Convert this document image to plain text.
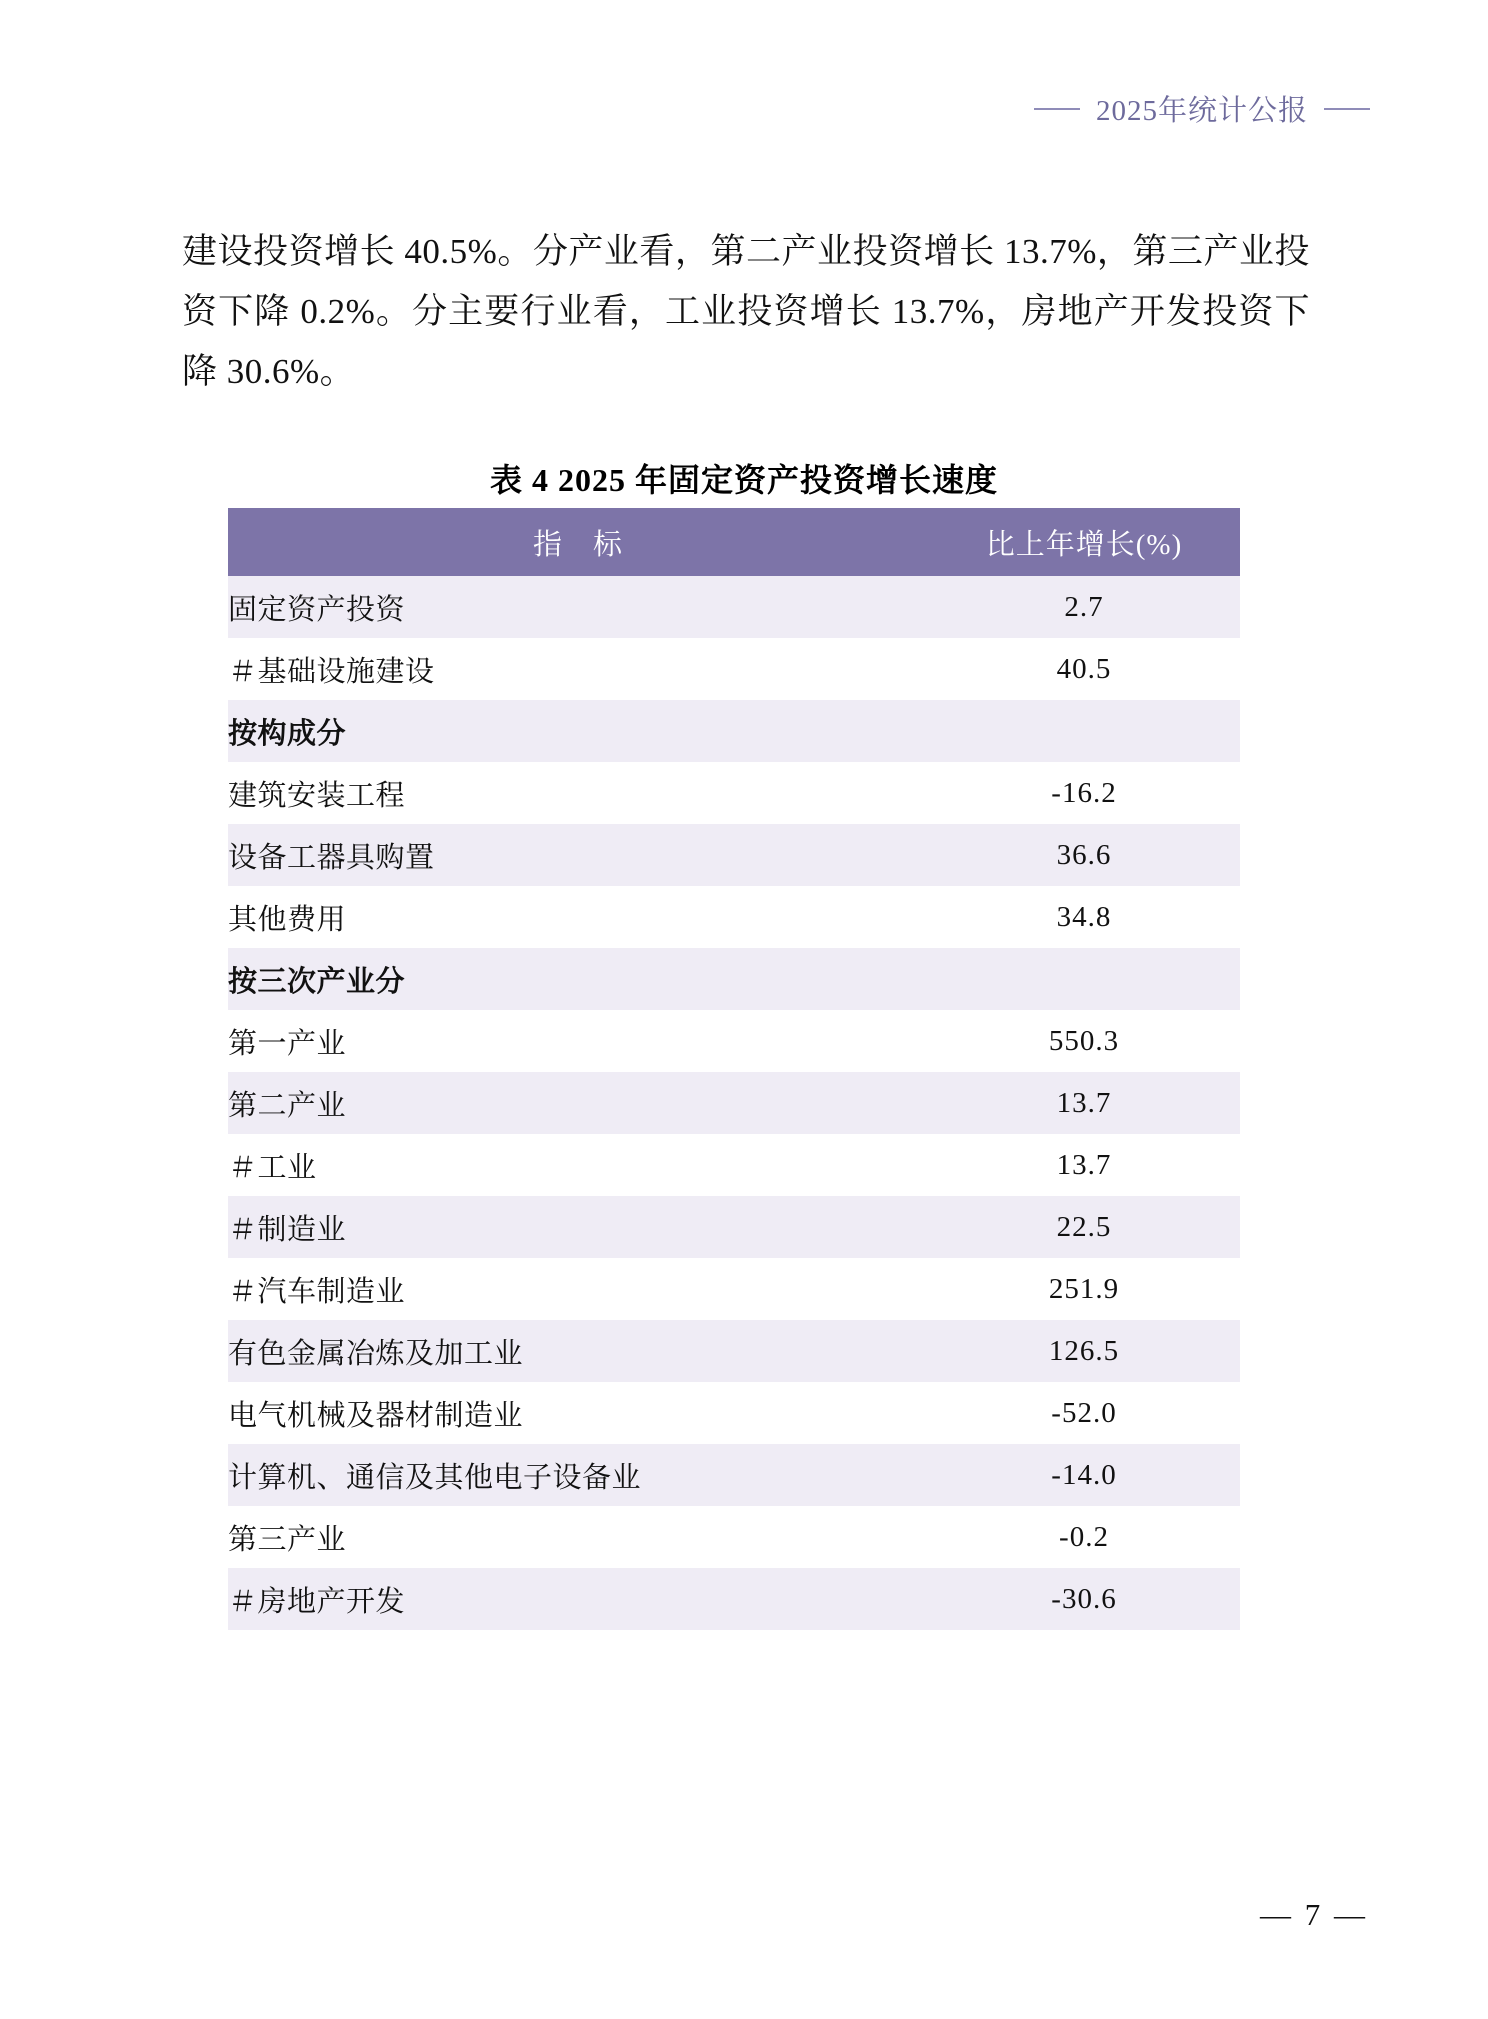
2025年统计公报
建设投资增长 40.5%。分产业看，第二产业投资增长 13.7%，第三产业投资下降 0.2%。分主要行业看，工业投资增长 13.7%，房地产开发投资下降 30.6%。
表 4 2025 年固定资产投资增长速度
指　标	比上年增长(%)
固定资产投资	2.7
＃基础设施建设	40.5
按构成分	
建筑安装工程	-16.2
设备工器具购置	36.6
其他费用	34.8
按三次产业分	
第一产业	550.3
第二产业	13.7
＃工业	13.7
＃制造业	22.5
＃汽车制造业	251.9
有色金属冶炼及加工业	126.5
电气机械及器材制造业	-52.0
计算机、通信及其他电子设备业	-14.0
第三产业	-0.2
＃房地产开发	-30.6
— 7 —
